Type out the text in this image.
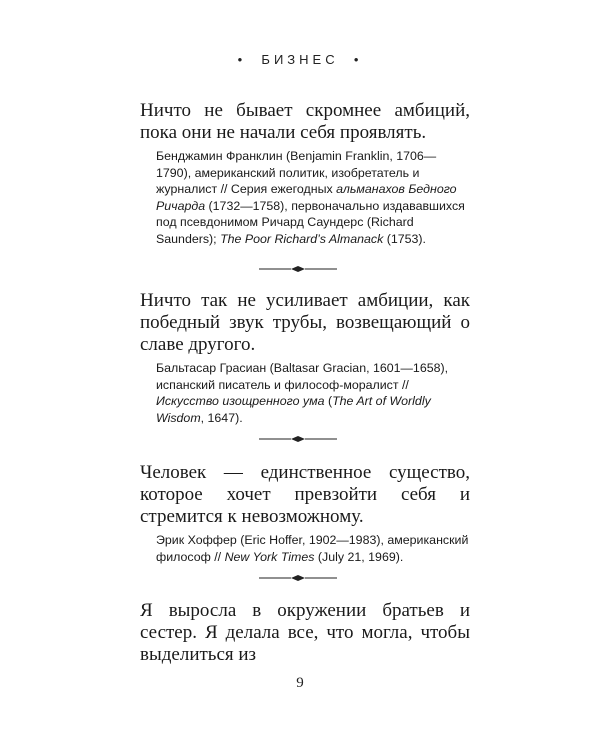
• БИЗНЕС •

Ничто не бывает скромнее амбиций, пока они не начали себя проявлять.

Бенджамин Франклин (Benjamin Franklin, 1706—1790), американский политик, изобретатель и журналист // Серия ежегодных альманахов Бедного Ричарда (1732—1758), первоначально издававшихся под псевдонимом Ричард Саундерс (Richard Saunders); The Poor Richard’s Almanack (1753).

Ничто так не усиливает амбиции, как победный звук трубы, возвещающий о славе другого.

Бальтасар Грасиан (Baltasar Gracian, 1601—1658), испанский писатель и философ-моралист // Искусство изощренного ума (The Art of Worldly Wisdom, 1647).

Человек — единственное существо, которое хочет превзойти себя и стремится к невозможному.

Эрик Хоффер (Eric Hoffer, 1902—1983), американский философ // New York Times (July 21, 1969).

Я выросла в окружении братьев и сестер. Я делала все, что могла, чтобы выделиться из

9
